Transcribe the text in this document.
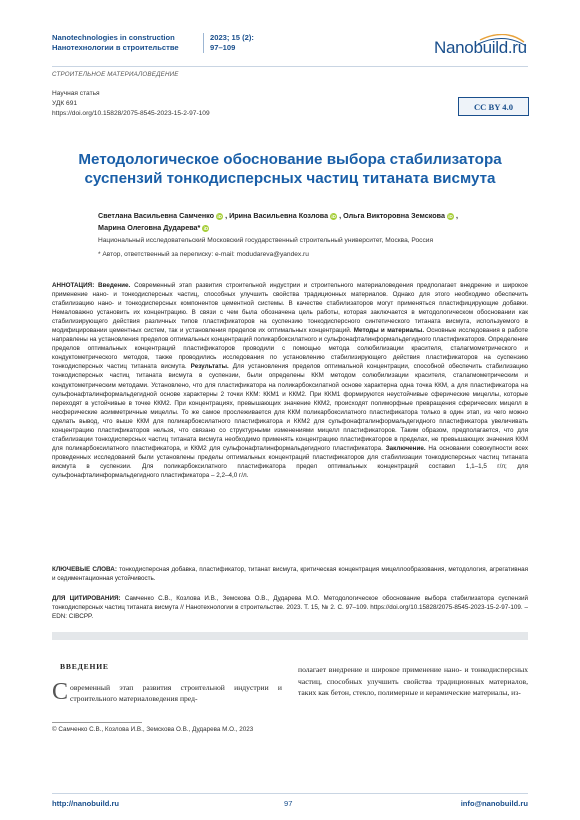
Nanotechnologies in construction
Нанотехнологии в строительстве
2023; 15 (2):
97–109	Nanobuild.ru
СТРОИТЕЛЬНОЕ МАТЕРИАЛОВЕДЕНИЕ
Научная статья
УДК 691
https://doi.org/10.15828/2075-8545-2023-15-2-97-109
CC BY 4.0
Методологическое обоснование выбора стабилизатора
суспензий тонкодисперсных частиц титаната висмута
Светлана Васильевна Самченко iD , Ирина Васильевна Козлова iD , Ольга Викторовна Земскова iD ,
Марина Олеговна Дударева* iD
Национальный исследовательский Московский государственный строительный университет, Москва, Россия
* Автор, ответственный за переписку: e-mail: modudareva@yandex.ru
АННОТАЦИЯ: Введение. Современный этап развития строительной индустрии и строительного материаловедения предполагает внедрение и широкое применение нано- и тонкодисперсных частиц, способных улучшить свойства традиционных материалов. Однако для этого необходимо обеспечить стабилизацию нано- и тонкодисперсных компонентов цементной системы. В качестве стабилизаторов могут применяться пластифицирующие добавки. Немаловажно установить их концентрацию. В связи с чем была обозначена цель работы, которая заключается в методологическом обосновании как стабилизирующего действия различных типов пластификаторов на суспензию тонкодисперсного синтетического титаната висмута, используемого в модифицировании цементных систем, так и установления пределов их оптимальных концентраций. Методы и материалы. Основные исследования в работе направлены на установления пределов оптимальных концентраций поликарбоксилатного и сульфонафталинформальдегидного пластификаторов. Определение пределов оптимальных концентраций пластификаторов проводили с помощью метода солюбилизации красителя, сталагмометрического и кондуктометрического методов, также проводились исследования по установлению стабилизирующего действия пластификаторов на суспензию тонкодисперсных частиц титаната висмута. Результаты. Для установления пределов оптимальной концентрации, способной обеспечить стабилизацию тонкодисперсных частиц титаната висмута в суспензии, были определены ККМ методом солюбилизации красителя, сталагмометрическим и кондуктометрическим методами. Установлено, что для пластификатора на поликарбоксилатной основе характерна одна точка ККМ, а для пластификатора на сульфонафталинформальдегидной основе характерны 2 точки ККМ: ККМ1 и ККМ2. При ККМ1 формируются неустойчивые сферические мицеллы, которые переходят в устойчивые в точке ККМ2. При концентрациях, превышающих значение ККМ2, происходят полиморфные превращения сферических мицелл в несферические асимметричные мицеллы. То же самое прослеживается для ККМ поликарбоксилатного пластификатора только в один этап, из чего можно сделать вывод, что выше ККМ для поликарбоксилатного пластификатора и ККМ2 для сульфонафталинформальдегидного пластификатора увеличивать концентрацию пластификаторов нельзя, что связано со структурными изменениями мицелл пластификаторов. Таким образом, предполагается, что для стабилизации тонкодисперсных частиц титаната висмута необходимо применять концентрацию пластификаторов в пределах, не превышающих значения ККМ для поликарбоксилатного пластификатора, и ККМ2 для сульфонафталинформальдегидного пластификатора. Заключение. На основании совокупности всех проведенных исследований были установлены пределы оптимальных концентраций пластификаторов для стабилизации тонкодисперсных частиц титаната висмута в суспензии. Для поликарбоксилатного пластификатора предел оптимальных концентраций составил 1,1–1,5 г/л; для сульфонафталинформальдегидного пластификатора – 2,2–4,0 г/л.
КЛЮЧЕВЫЕ СЛОВА: тонкодисперсная добавка, пластификатор, титанат висмута, критическая концентрация мицеллообразования, методология, агрегативная и седиментационная устойчивость.
ДЛЯ ЦИТИРОВАНИЯ: Самченко С.В., Козлова И.В., Земскова О.В., Дударева М.О. Методологическое обоснование выбора стабилизатора суспензий тонкодисперсных частиц титаната висмута // Нанотехнологии в строительстве. 2023. Т. 15, № 2. С. 97–109. https://doi.org/10.15828/2075-8545-2023-15-2-97-109. – EDN: CIBCPP.
ВВЕДЕНИЕ
Современный этап развития строительной индустрии и строительного материаловедения пред-
полагает внедрение и широкое применение нано- и тонкодисперсных частиц, способных улучшить свойства традиционных материалов, таких как бетон, стекло, полимерные и керамические материалы, из-
© Самченко С.В., Козлова И.В., Земскова О.В., Дударева М.О., 2023
http://nanobuild.ru	97	info@nanobuild.ru
